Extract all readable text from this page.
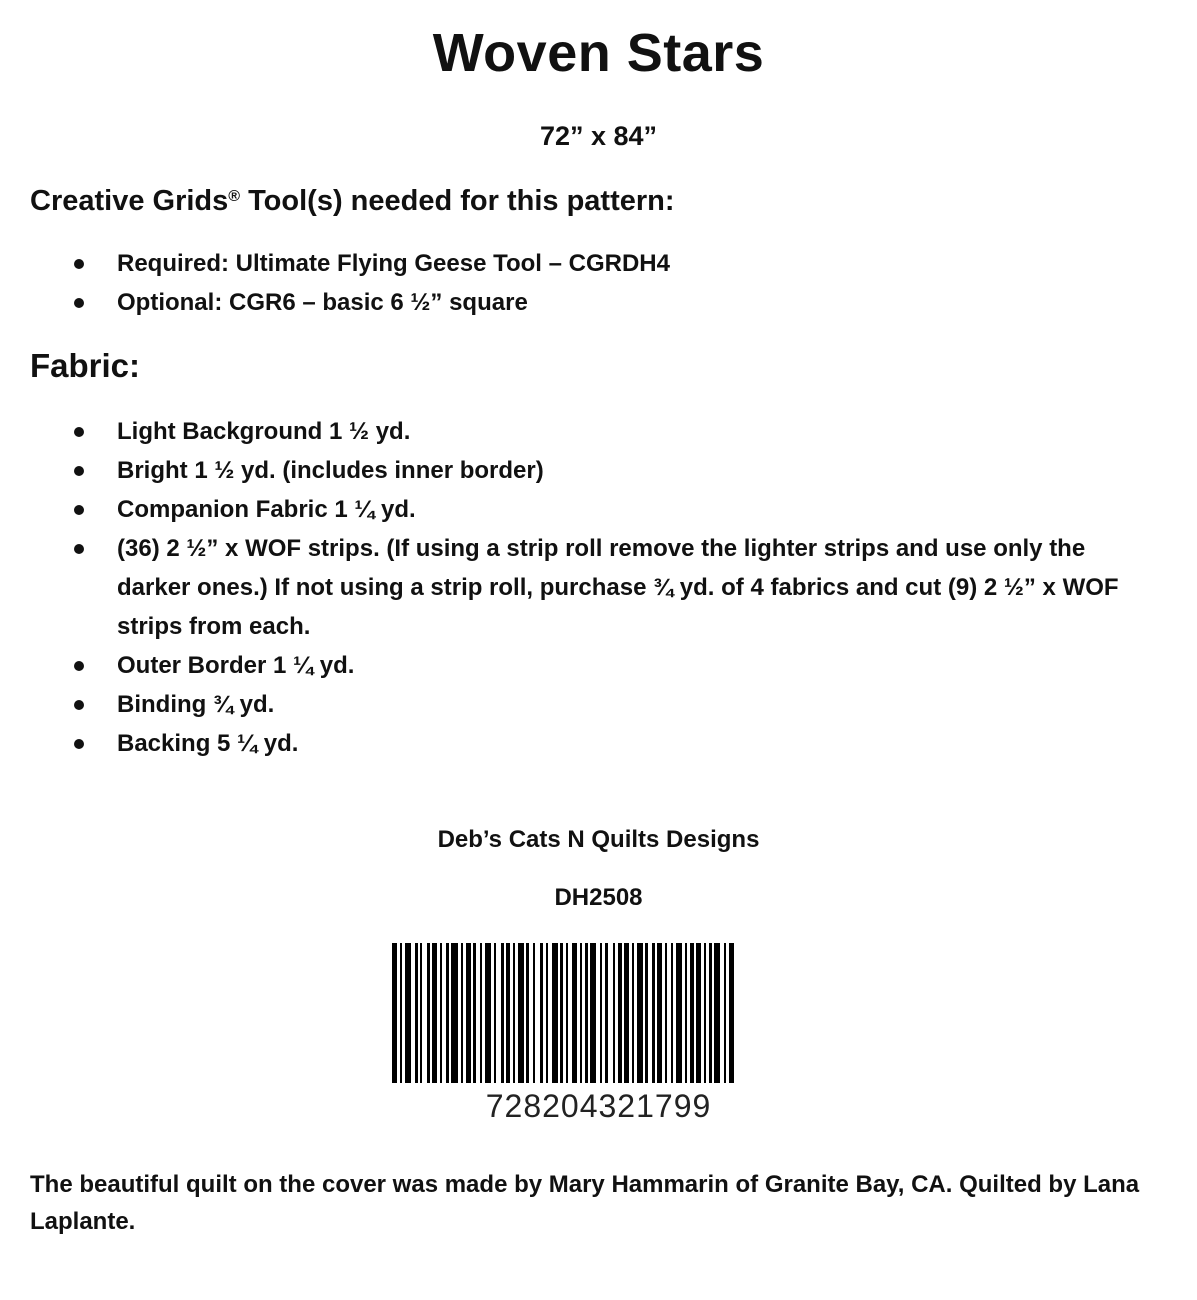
Woven Stars
72” x 84”
Creative Grids® Tool(s) needed for this pattern:
Required: Ultimate Flying Geese Tool – CGRDH4
Optional: CGR6 – basic 6 ½” square
Fabric:
Light Background 1 ½ yd.
Bright 1 ½ yd. (includes inner border)
Companion Fabric 1 ¼ yd.
(36) 2 ½” x WOF strips. (If using a strip roll remove the lighter strips and use only the darker ones.) If not using a strip roll, purchase ¾ yd. of 4 fabrics and cut (9) 2 ½” x WOF strips from each.
Outer Border 1 ¼ yd.
Binding ¾ yd.
Backing 5 ¼ yd.
Deb’s Cats N Quilts Designs
DH2508
728204321799
The beautiful quilt on the cover was made by Mary Hammarin of Granite Bay, CA. Quilted by Lana Laplante.
